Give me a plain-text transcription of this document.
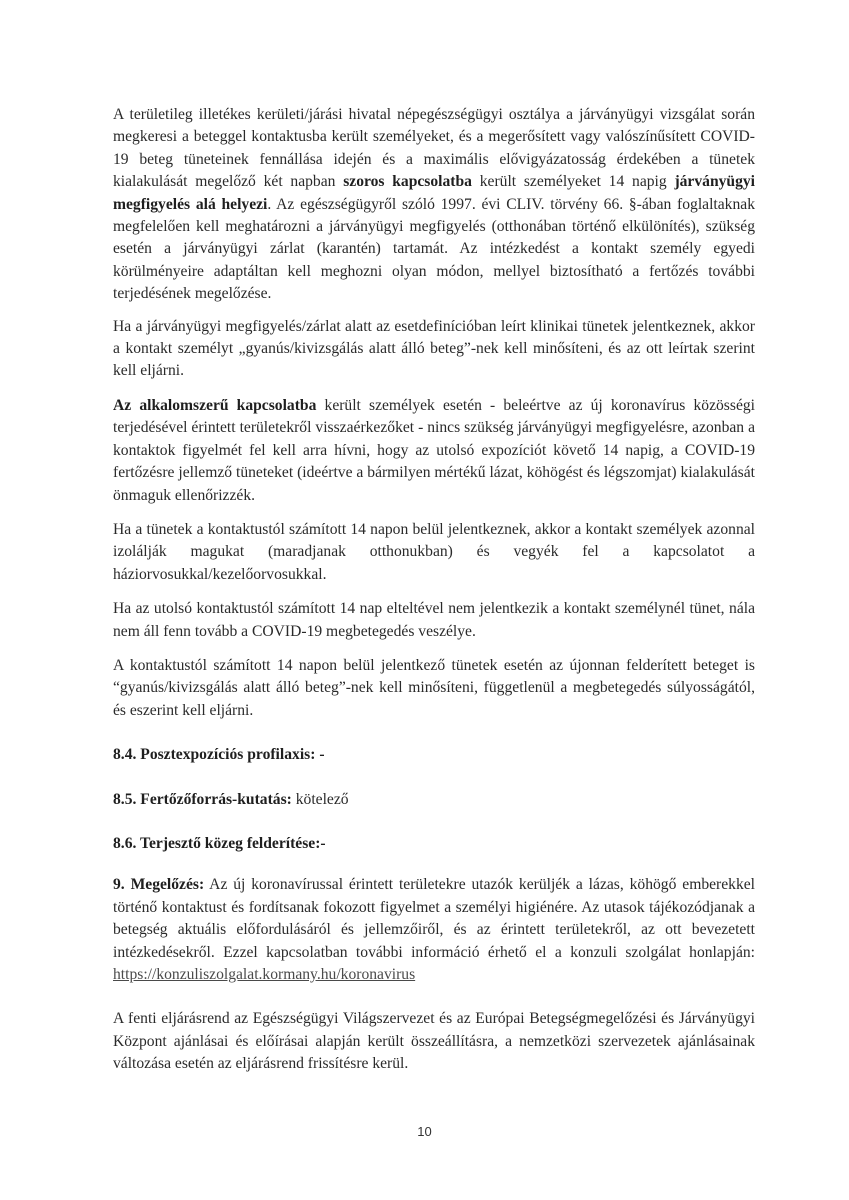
A területileg illetékes kerületi/járási hivatal népegészségügyi osztálya a járványügyi vizsgálat során megkeresi a beteggel kontaktusba került személyeket, és a megerősített vagy valószínűsített COVID-19 beteg tüneteinek fennállása idején és a maximális elővigyázatosság érdekében a tünetek kialakulását megelőző két napban szoros kapcsolatba került személyeket 14 napig járványügyi megfigyelés alá helyezi. Az egészségügyről szóló 1997. évi CLIV. törvény 66. §-ában foglaltaknak megfelelően kell meghatározni a járványügyi megfigyelés (otthonában történő elkülönítés), szükség esetén a járványügyi zárlat (karantén) tartamát. Az intézkedést a kontakt személy egyedi körülményeire adaptáltan kell meghozni olyan módon, mellyel biztosítható a fertőzés további terjedésének megelőzése.

Ha a járványügyi megfigyelés/zárlat alatt az esetdefinícióban leírt klinikai tünetek jelentkeznek, akkor a kontakt személyt „gyanús/kivizsgálás alatt álló beteg”-nek kell minősíteni, és az ott leírtak szerint kell eljárni.

Az alkalomszerű kapcsolatba került személyek esetén - beleértve az új koronavírus közösségi terjedésével érintett területekről visszaérkezőket - nincs szükség járványügyi megfigyelésre, azonban a kontaktok figyelmét fel kell arra hívni, hogy az utolsó expozíciót követő 14 napig, a COVID-19 fertőzésre jellemző tüneteket (ideértve a bármilyen mértékű lázat, köhögést és légszomjat) kialakulását önmaguk ellenőrizzék.

Ha a tünetek a kontaktustól számított 14 napon belül jelentkeznek, akkor a kontakt személyek azonnal izolálják magukat (maradjanak otthonukban) és vegyék fel a kapcsolatot a háziorvosukkal/kezelőorvosukkal.

Ha az utolsó kontaktustól számított 14 nap elteltével nem jelentkezik a kontakt személynél tünet, nála nem áll fenn tovább a COVID-19 megbetegedés veszélye.

A kontaktustól számított 14 napon belül jelentkező tünetek esetén az újonnan felderített beteget is “gyanús/kivizsgálás alatt álló beteg”-nek kell minősíteni, függetlenül a megbetegedés súlyosságától, és eszerint kell eljárni.

8.4. Posztexpozíciós profilaxis: -

8.5. Fertőzőforrás-kutatás: kötelező

8.6. Terjesztő közeg felderítése:-

9. Megelőzés: Az új koronavírussal érintett területekre utazók kerüljék a lázas, köhögő emberekkel történő kontaktust és fordítsanak fokozott figyelmet a személyi higiénére. Az utasok tájékozódjanak a betegség aktuális előfordulásáról és jellemzőiről, és az érintett területekről, az ott bevezetett intézkedésekről. Ezzel kapcsolatban további információ érhető el a konzuli szolgálat honlapján: https://konzuliszolgalat.kormany.hu/koronavirus

A fenti eljárásrend az Egészségügyi Világszervezet és az Európai Betegségmegelőzési és Járványügyi Központ ajánlásai és előírásai alapján került összeállításra, a nemzetközi szervezetek ajánlásainak változása esetén az eljárásrend frissítésre kerül.

10
